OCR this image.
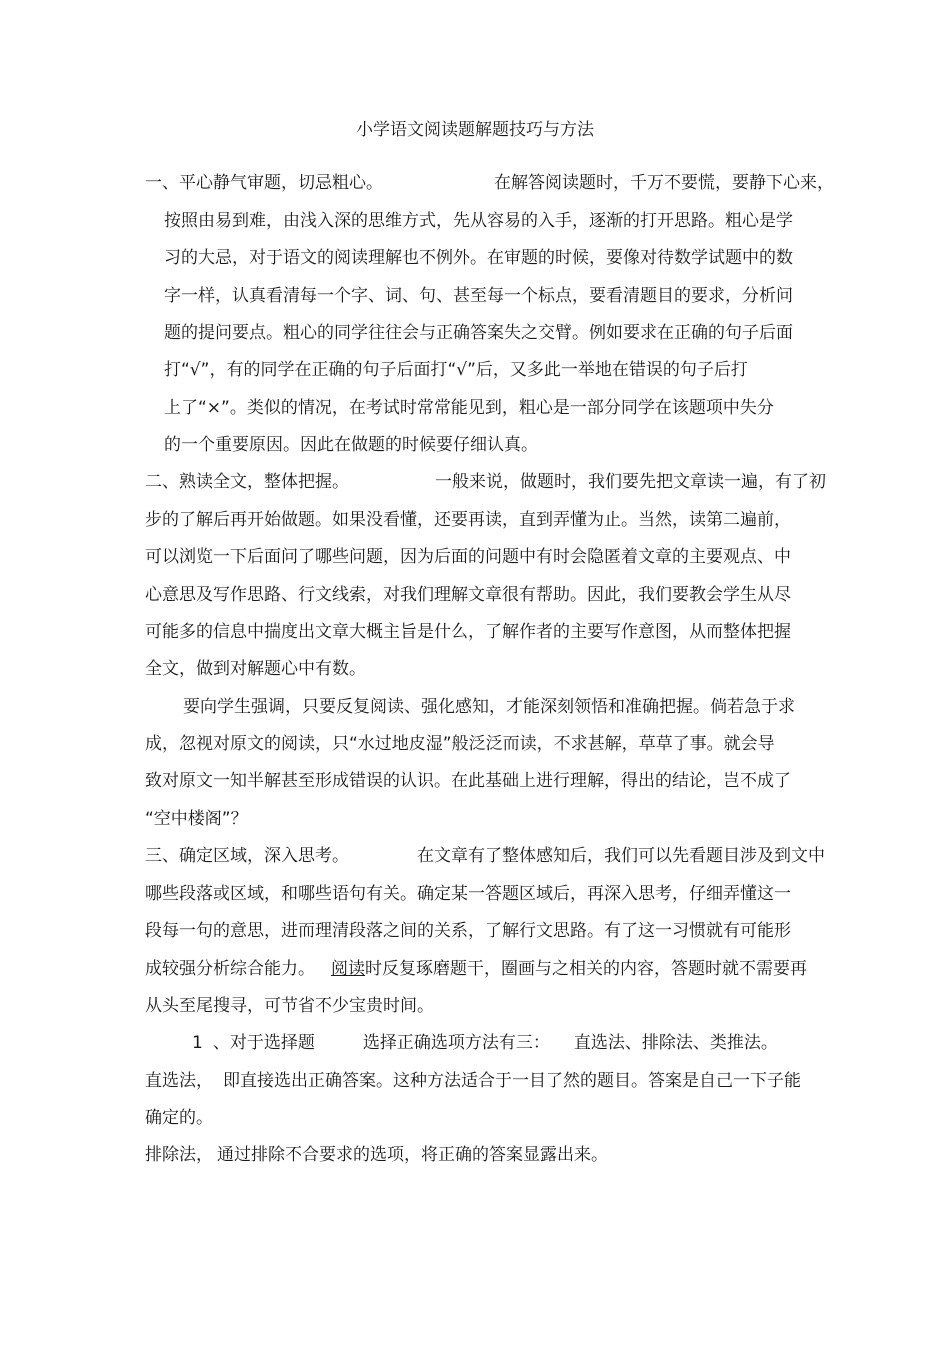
小学语文阅读题解题技巧与方法
一、平心静气审题，切忌粗心。	在解答阅读题时，千万不要慌，要静下心来，
按照由易到难，由浅入深的思维方式，先从容易的入手，逐渐的打开思路。粗心是学
习的大忌，对于语文的阅读理解也不例外。在审题的时候，要像对待数学试题中的数
字一样，认真看清每一个字、词、句、甚至每一个标点，要看清题目的要求，分析问
题的提问要点。粗心的同学往往会与正确答案失之交臂。例如要求在正确的句子后面
打“√”，有的同学在正确的句子后面打“√”后，又多此一举地在错误的句子后打
上了“×”。类似的情况，在考试时常常能见到，粗心是一部分同学在该题项中失分
的一个重要原因。因此在做题的时候要仔细认真。
二、熟读全文，整体把握。	一般来说，做题时，我们要先把文章读一遍，有了初
步的了解后再开始做题。如果没看懂，还要再读，直到弄懂为止。当然，读第二遍前，
可以浏览一下后面问了哪些问题，因为后面的问题中有时会隐匿着文章的主要观点、中
心意思及写作思路、行文线索，对我们理解文章很有帮助。因此，我们要教会学生从尽
可能多的信息中揣度出文章大概主旨是什么，了解作者的主要写作意图，从而整体把握
全文，做到对解题心中有数。
要向学生强调，只要反复阅读、强化感知，才能深刻领悟和准确把握。倘若急于求
成，忽视对原文的阅读，只“水过地皮湿”般泛泛而读，不求甚解，草草了事。就会导
致对原文一知半解甚至形成错误的认识。在此基础上进行理解，得出的结论，岂不成了
“空中楼阁”？
三、确定区域，深入思考。	在文章有了整体感知后，我们可以先看题目涉及到文中
哪些段落或区域，和哪些语句有关。确定某一答题区域后，再深入思考，仔细弄懂这一
段每一句的意思，进而理清段落之间的关系，了解行文思路。有了这一习惯就有可能形
成较强分析综合能力。 阅读时反复琢磨题干，圈画与之相关的内容，答题时就不需要再
从头至尾搜寻，可节省不少宝贵时间。
1 、对于选择题	选择正确选项方法有三： 直选法、排除法、类推法。
直选法， 即直接选出正确答案。这种方法适合于一目了然的题目。答案是自己一下子能
确定的。
排除法， 通过排除不合要求的选项，将正确的答案显露出来。
